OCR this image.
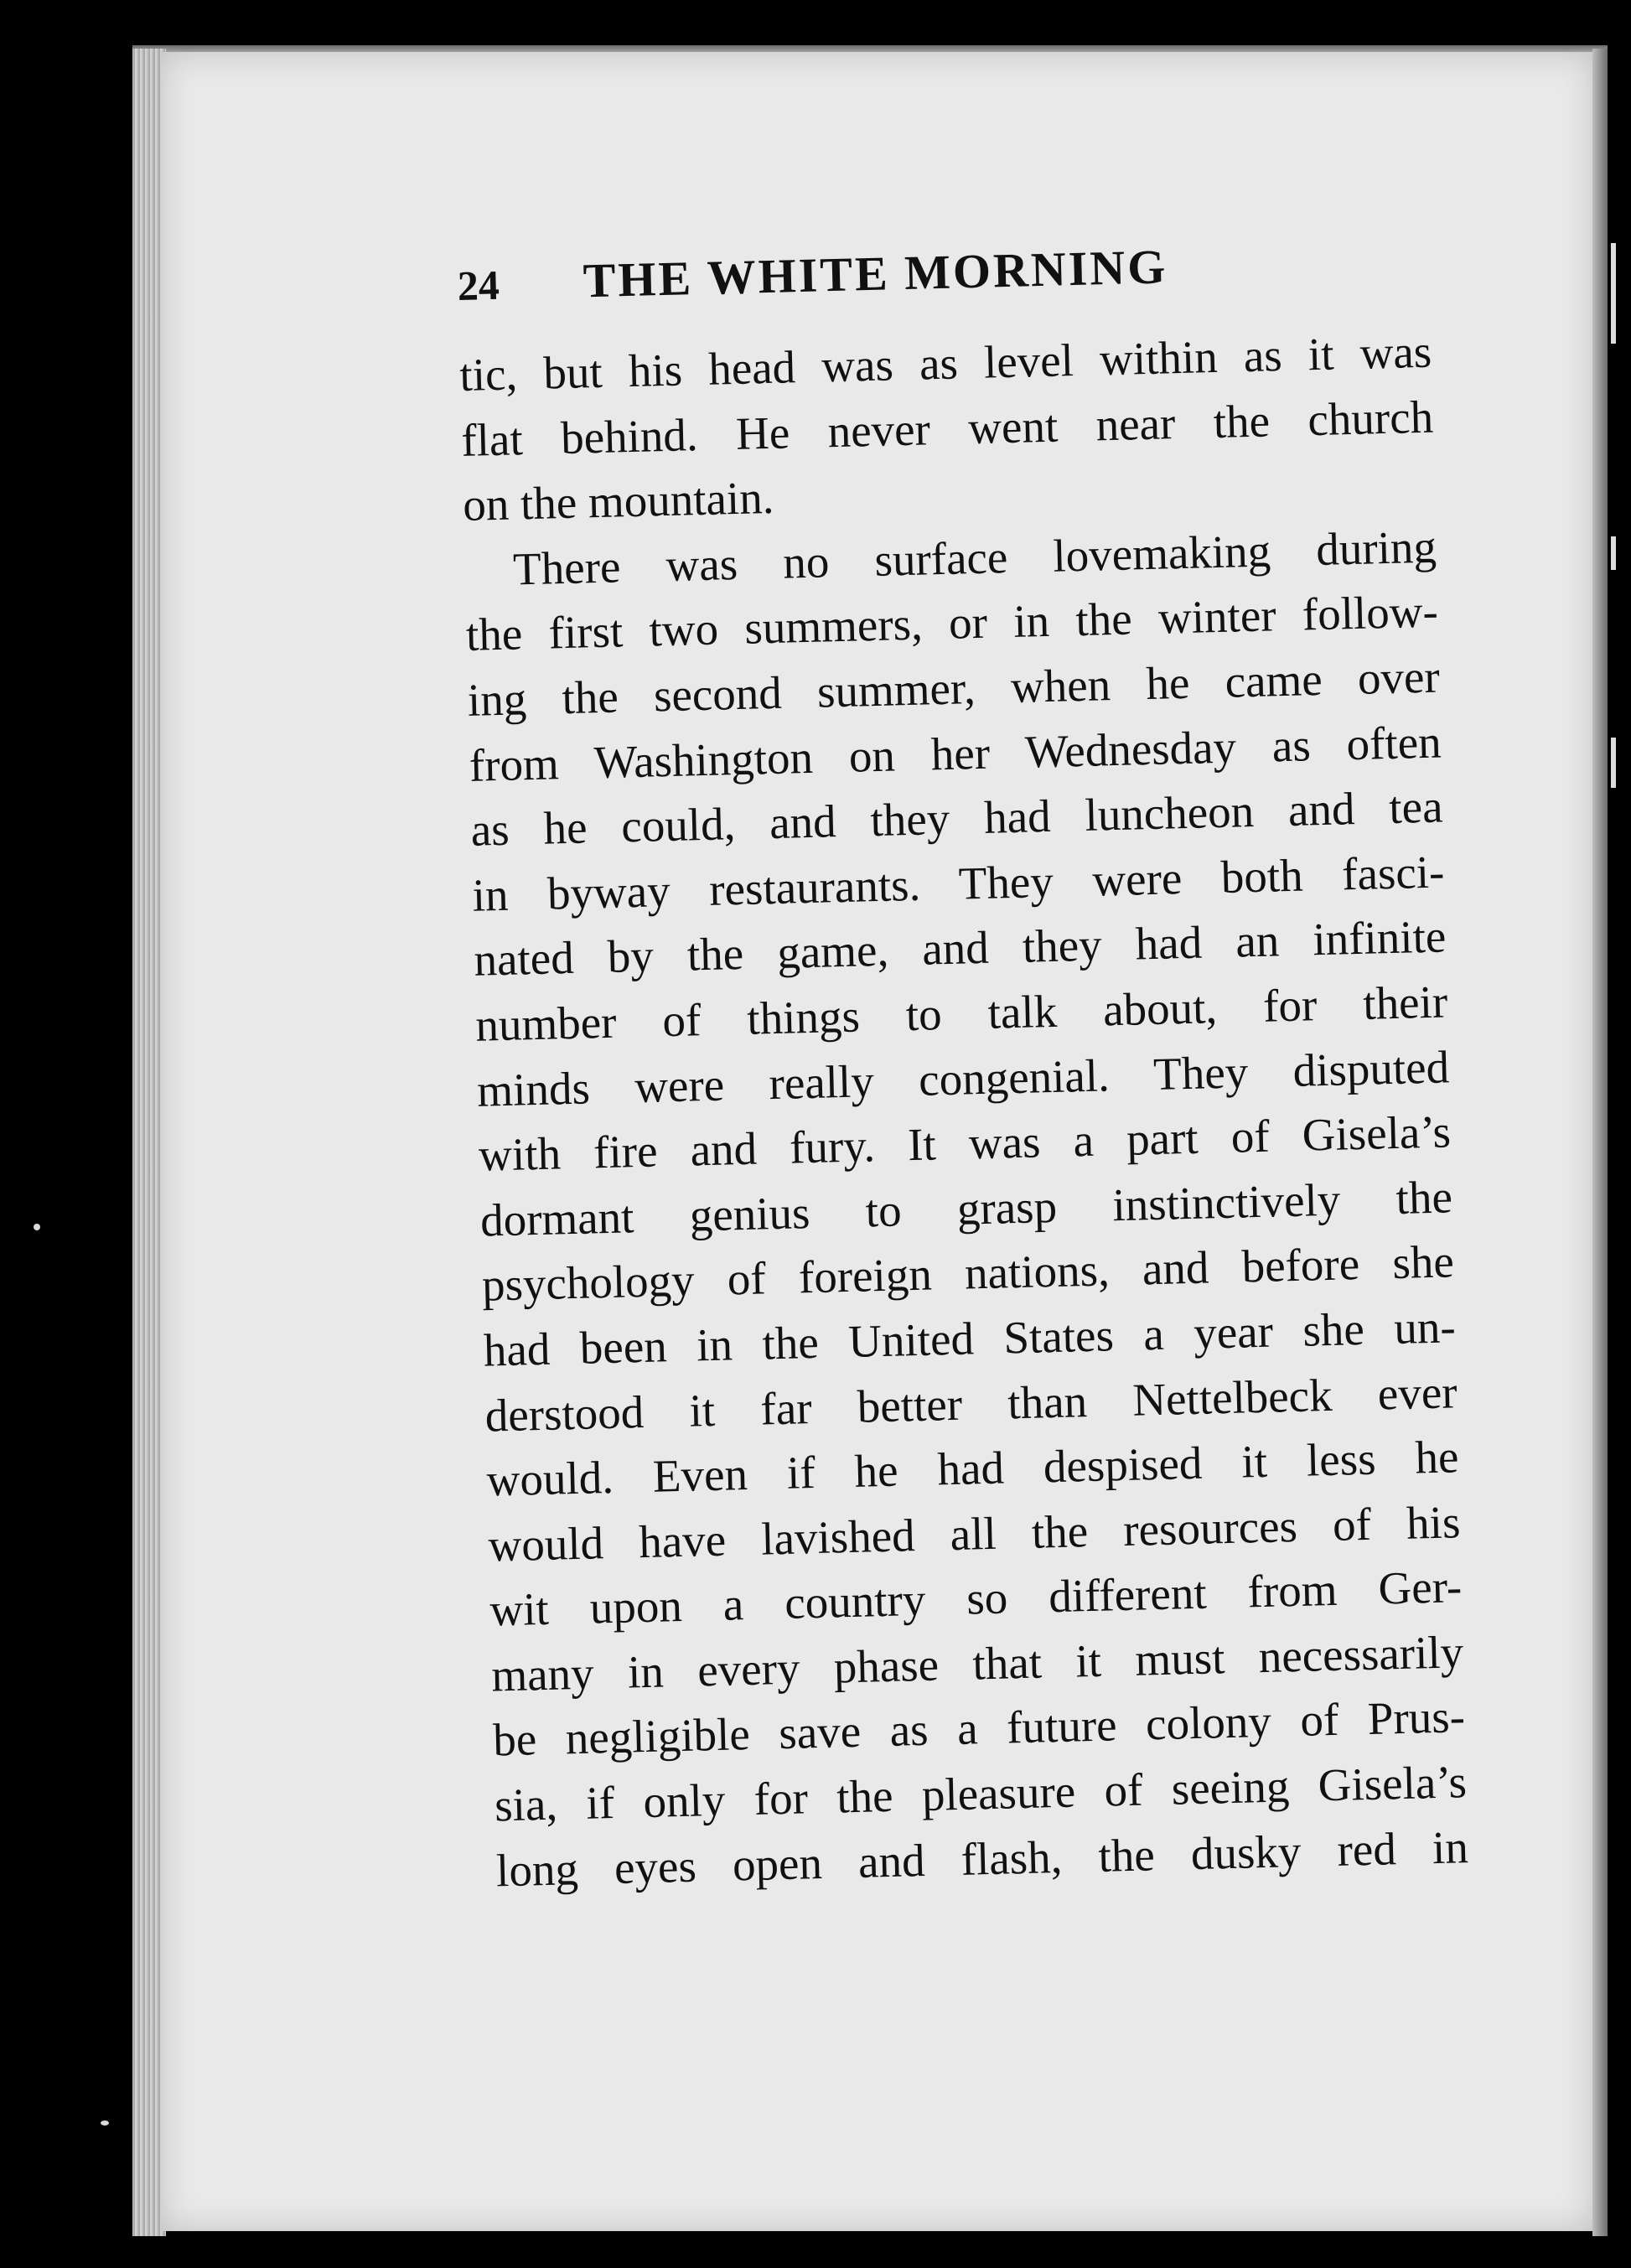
24	THE WHITE MORNING
tic, but his head was as level within as it was
flat behind. He never went near the church
on the mountain.
There was no surface lovemaking during
the first two summers, or in the winter follow-
ing the second summer, when he came over
from Washington on her Wednesday as often
as he could, and they had luncheon and tea
in byway restaurants. They were both fasci-
nated by the game, and they had an infinite
number of things to talk about, for their
minds were really congenial. They disputed
with fire and fury. It was a part of Gisela’s
dormant genius to grasp instinctively the
psychology of foreign nations, and before she
had been in the United States a year she un-
derstood it far better than Nettelbeck ever
would. Even if he had despised it less he
would have lavished all the resources of his
wit upon a country so different from Ger-
many in every phase that it must necessarily
be negligible save as a future colony of Prus-
sia, if only for the pleasure of seeing Gisela’s
long eyes open and flash, the dusky red in
